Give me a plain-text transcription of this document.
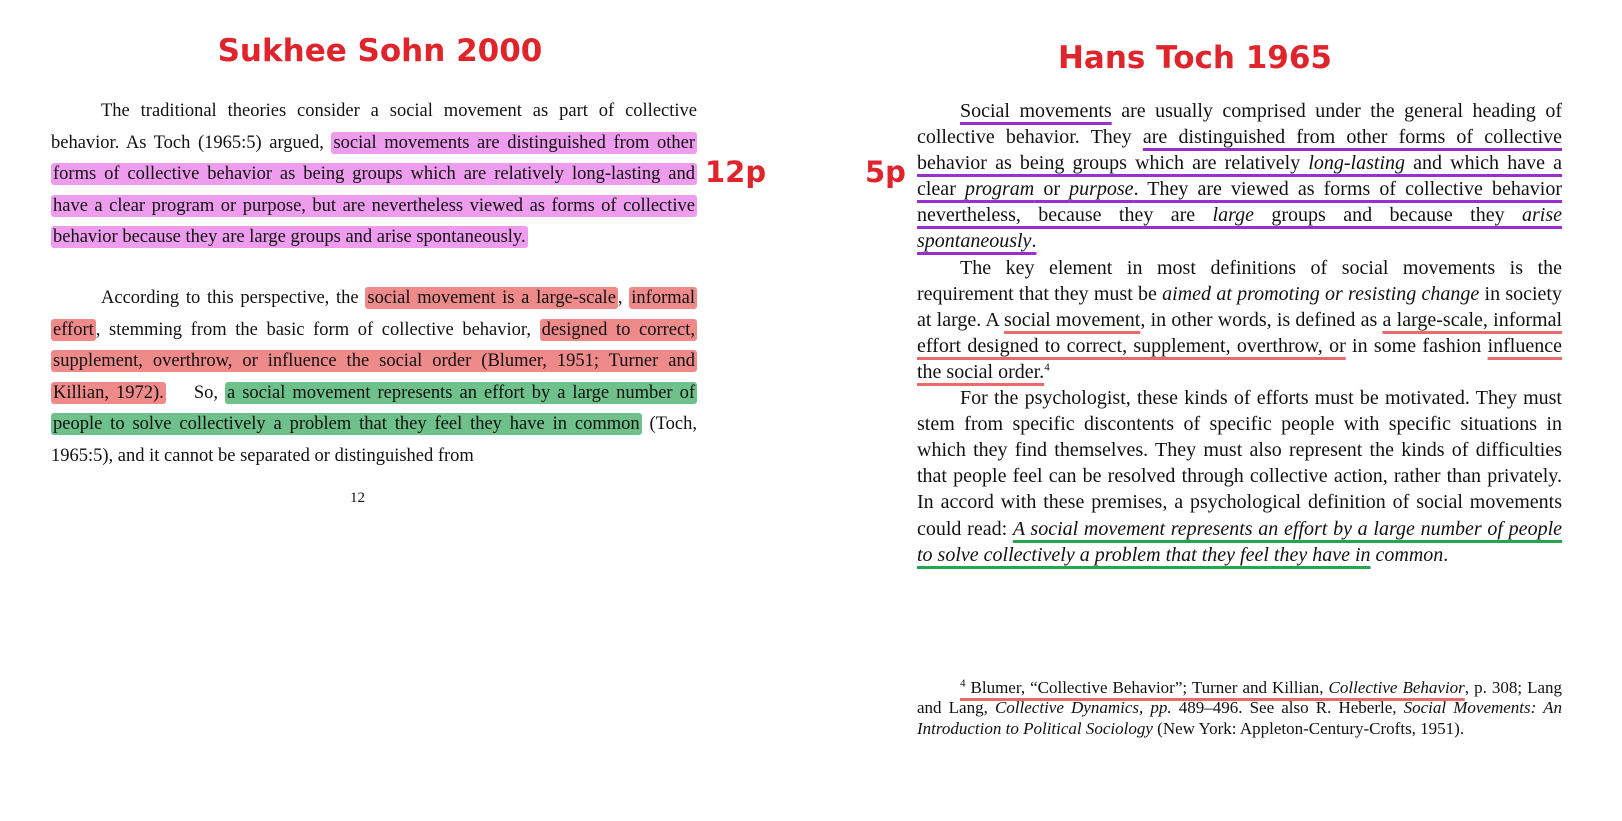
Sukhee Sohn 2000	Hans Toch 1965
12p	5p

The traditional theories consider a social movement as part of collective behavior. As Toch (1965:5) argued, social movements are distinguished from other forms of collective behavior as being groups which are relatively long-lasting and have a clear program or purpose, but are nevertheless viewed as forms of collective behavior because they are large groups and arise spontaneously.

According to this perspective, the social movement is a large-scale , informal effort , stemming from the basic form of collective behavior, designed to correct, supplement, overthrow, or influence the social order (Blumer, 1951; Turner and Killian, 1972).    So, a social movement represents an effort by a large number of people to solve collectively a problem that they feel they have in common (Toch, 1965:5), and it cannot be separated or distinguished from

12

Social movements are usually comprised under the general heading of collective behavior. They are distinguished from other forms of collective behavior as being groups which are relatively long-lasting and which have a clear program or purpose. They are viewed as forms of collective behavior nevertheless, because they are large groups and because they arise spontaneously.

The key element in most definitions of social movements is the requirement that they must be aimed at promoting or resisting change in society at large. A social movement, in other words, is defined as a large-scale, informal effort designed to correct, supplement, overthrow, or in some fashion influence the social order.$^4$

For the psychologist, these kinds of efforts must be motivated. They must stem from specific discontents of specific people with specific situations in which they find themselves. They must also represent the kinds of difficulties that people feel can be resolved through collective action, rather than privately. In accord with these premises, a psychological definition of social movements could read: A social movement represents an effort by a large number of people to solve collectively a problem that they feel they have in common.

$^4$ Blumer, “Collective Behavior”; Turner and Killian, Collective Behavior, p. 308; Lang and Lang, Collective Dynamics, pp. 489–496. See also R. Heberle, Social Movements: An Introduction to Political Sociology (New York: Appleton-Century-Crofts, 1951).
